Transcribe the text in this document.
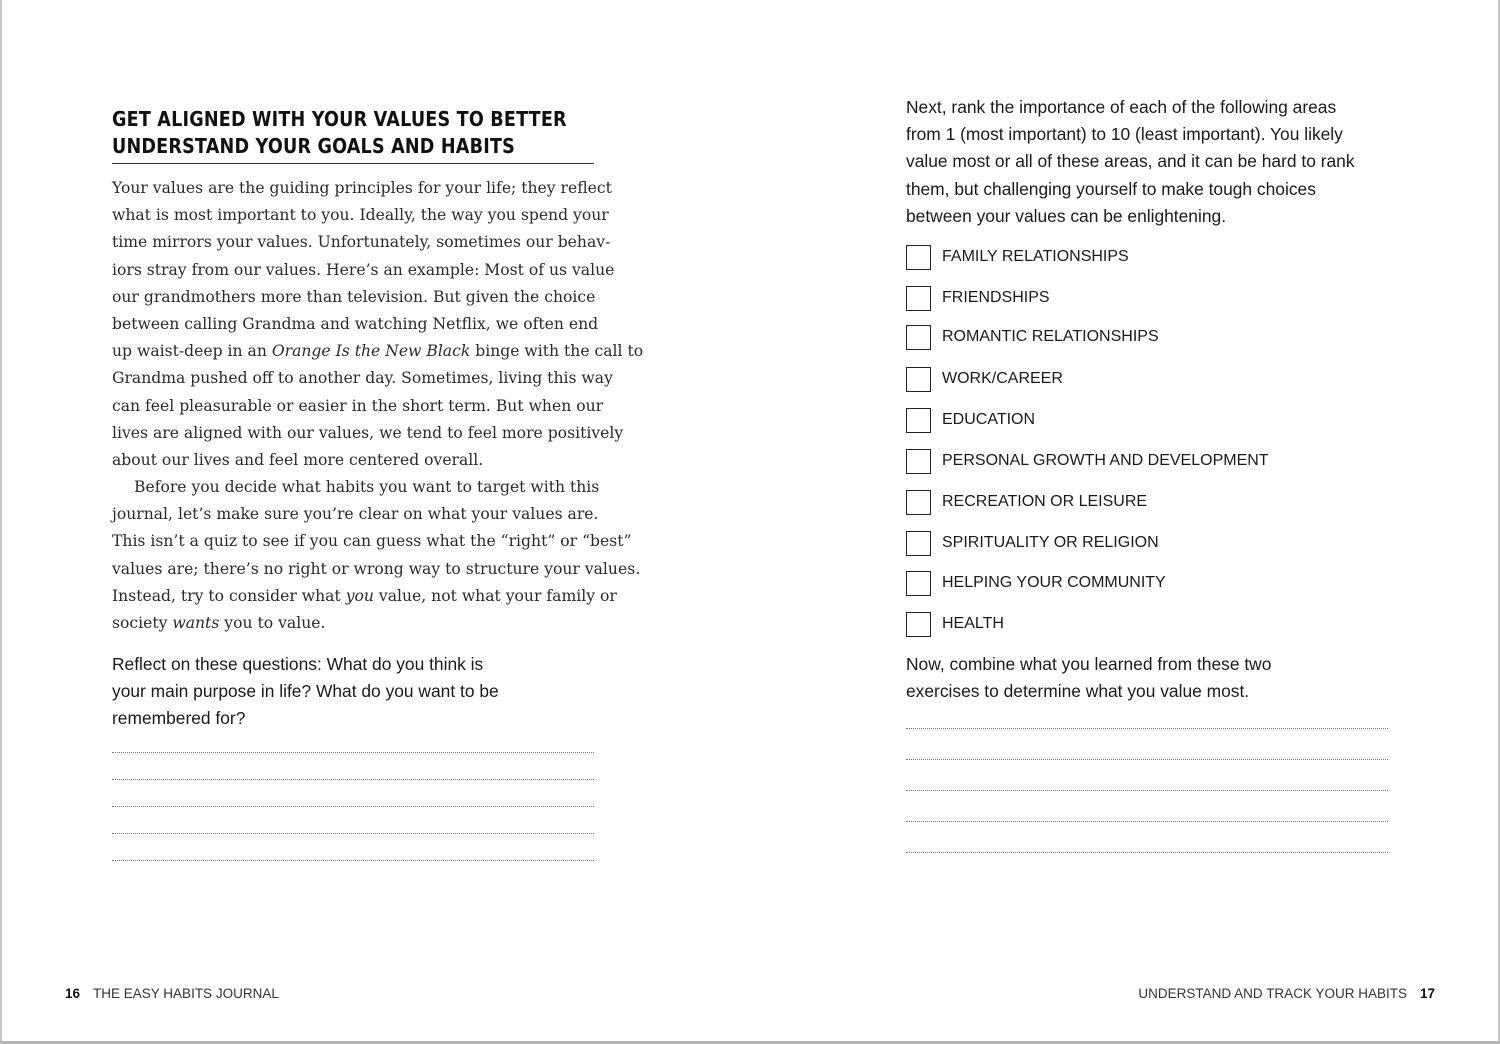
GET ALIGNED WITH YOUR VALUES TO BETTER
UNDERSTAND YOUR GOALS AND HABITS

Your values are the guiding principles for your life; they reflect
what is most important to you. Ideally, the way you spend your
time mirrors your values. Unfortunately, sometimes our behav-
iors stray from our values. Here’s an example: Most of us value
our grandmothers more than television. But given the choice
between calling Grandma and watching Netflix, we often end
up waist-deep in an Orange Is the New Black binge with the call to
Grandma pushed off to another day. Sometimes, living this way
can feel pleasurable or easier in the short term. But when our
lives are aligned with our values, we tend to feel more positively
about our lives and feel more centered overall.

Before you decide what habits you want to target with this
journal, let’s make sure you’re clear on what your values are.
This isn’t a quiz to see if you can guess what the “right” or “best”
values are; there’s no right or wrong way to structure your values.
Instead, try to consider what you value, not what your family or
society wants you to value.

Reflect on these questions: What do you think is
your main purpose in life? What do you want to be
remembered for?

16 THE EASY HABITS JOURNAL

Next, rank the importance of each of the following areas
from 1 (most important) to 10 (least important). You likely
value most or all of these areas, and it can be hard to rank
them, but challenging yourself to make tough choices
between your values can be enlightening.

FAMILY RELATIONSHIPS
FRIENDSHIPS
ROMANTIC RELATIONSHIPS
WORK/CAREER
EDUCATION
PERSONAL GROWTH AND DEVELOPMENT
RECREATION OR LEISURE
SPIRITUALITY OR RELIGION
HELPING YOUR COMMUNITY
HEALTH

Now, combine what you learned from these two
exercises to determine what you value most.

UNDERSTAND AND TRACK YOUR HABITS 17
